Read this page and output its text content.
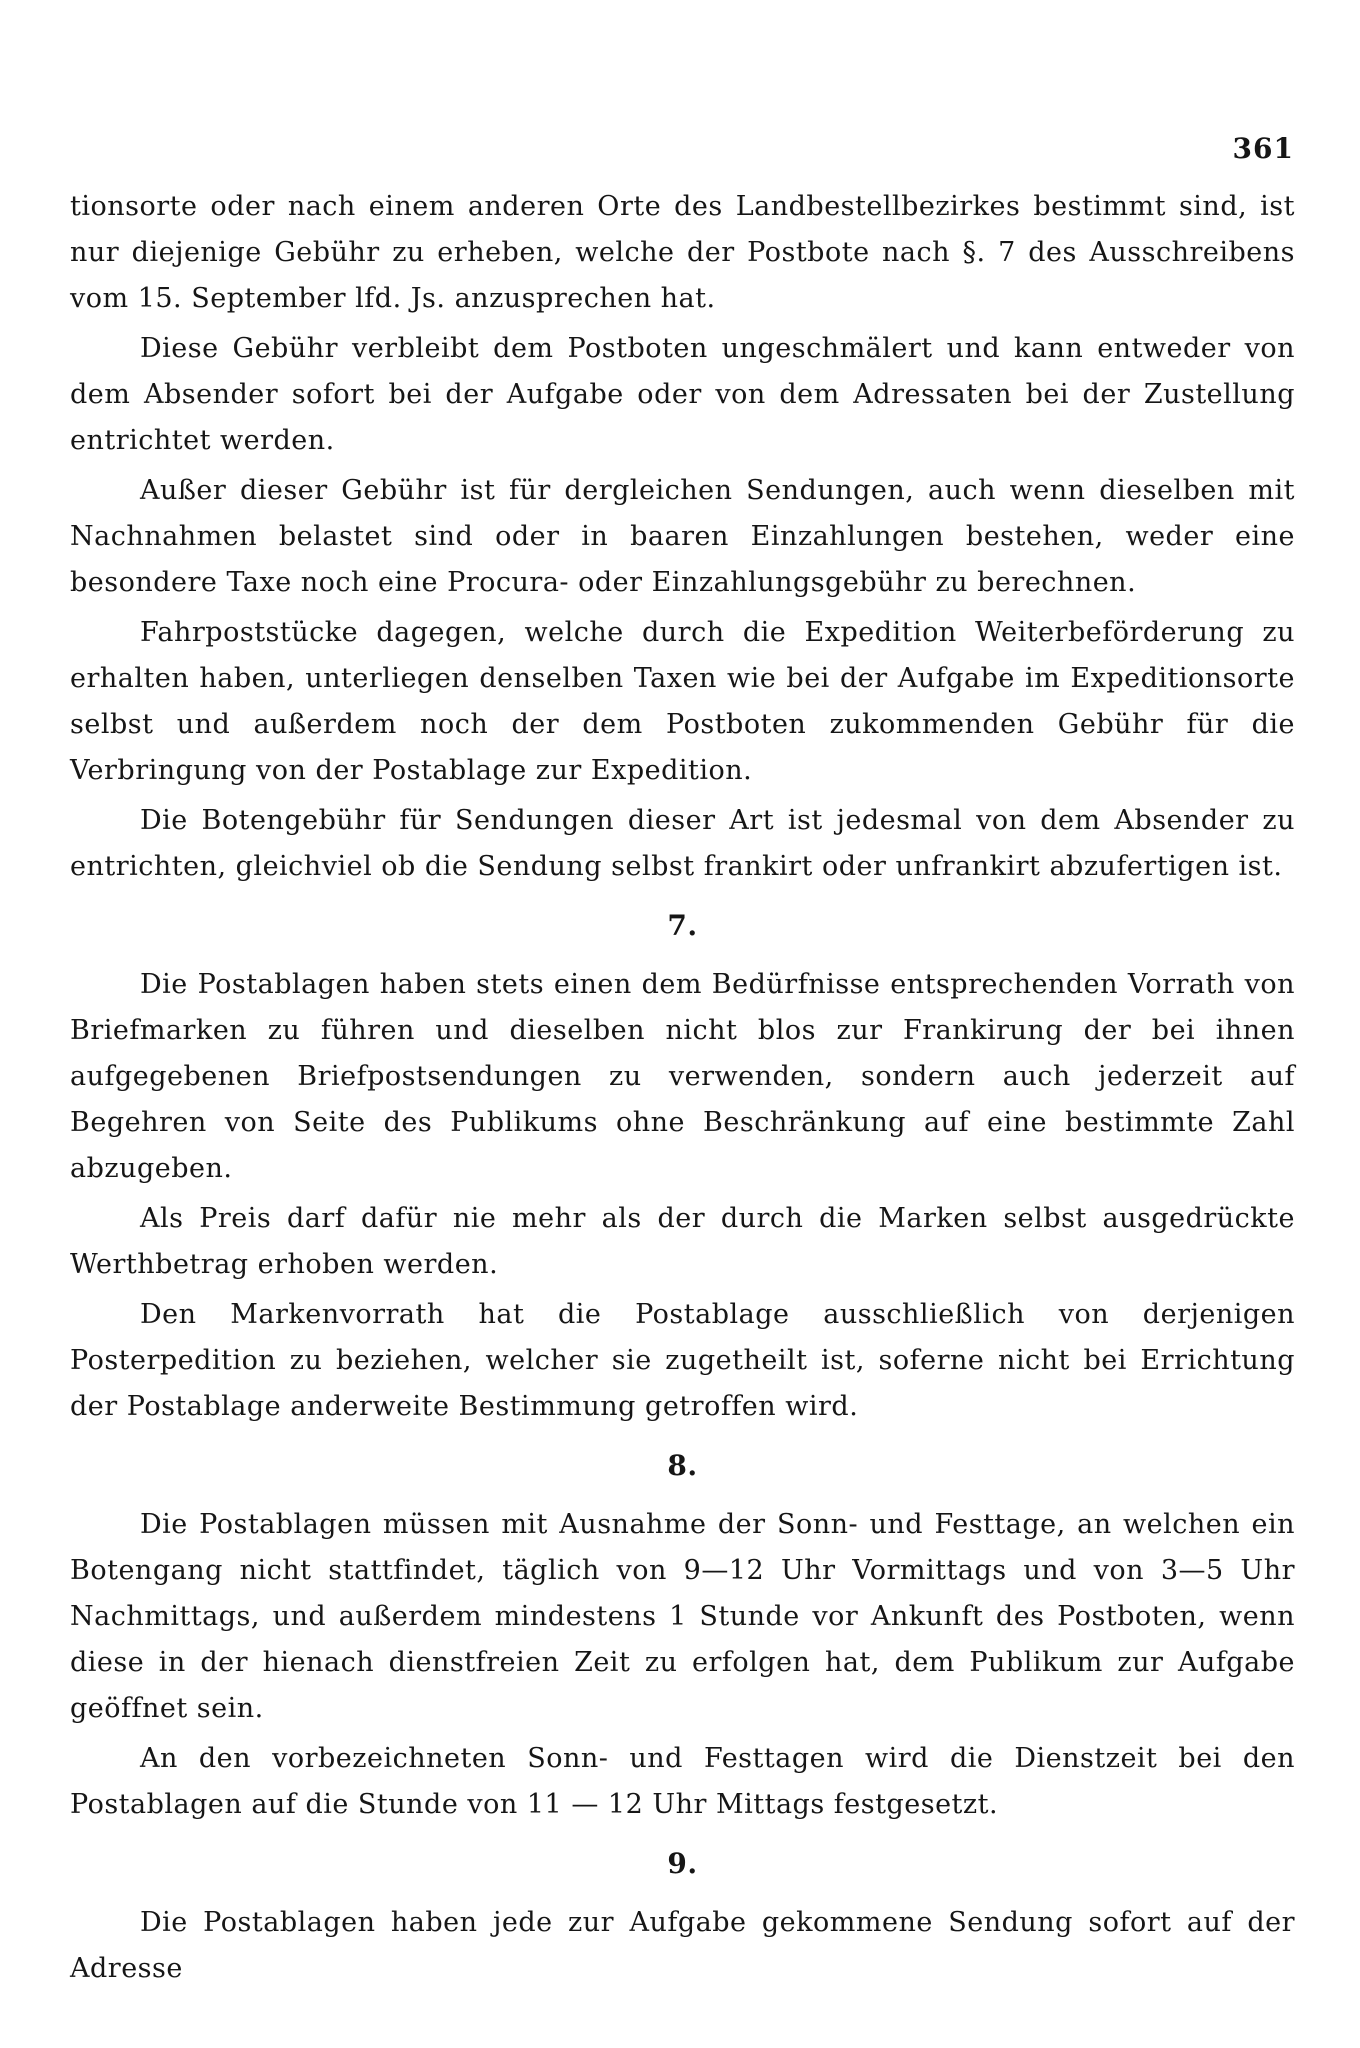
361

tionsorte oder nach einem anderen Orte des Landbestellbezirkes bestimmt sind, ist nur diejenige Gebühr zu erheben, welche der Postbote nach §. 7 des Ausschreibens vom 15. September lfd. Js. anzusprechen hat.

Diese Gebühr verbleibt dem Postboten ungeschmälert und kann entweder von dem Absender sofort bei der Aufgabe oder von dem Adressaten bei der Zustellung entrichtet werden.

Außer dieser Gebühr ist für dergleichen Sendungen, auch wenn dieselben mit Nachnahmen belastet sind oder in baaren Einzahlungen bestehen, weder eine besondere Taxe noch eine Procura- oder Einzahlungsgebühr zu berechnen.

Fahrpoststücke dagegen, welche durch die Expedition Weiterbeförderung zu erhalten haben, unterliegen denselben Taxen wie bei der Aufgabe im Expeditionsorte selbst und außerdem noch der dem Postboten zukommenden Gebühr für die Verbringung von der Postablage zur Expedition.

Die Botengebühr für Sendungen dieser Art ist jedesmal von dem Absender zu entrichten, gleichviel ob die Sendung selbst frankirt oder unfrankirt abzufertigen ist.

7.

Die Postablagen haben stets einen dem Bedürfnisse entsprechenden Vorrath von Briefmarken zu führen und dieselben nicht blos zur Frankirung der bei ihnen aufgegebenen Briefpostsendungen zu verwenden, sondern auch jederzeit auf Begehren von Seite des Publikums ohne Beschränkung auf eine bestimmte Zahl abzugeben.

Als Preis darf dafür nie mehr als der durch die Marken selbst ausgedrückte Werthbetrag erhoben werden.

Den Markenvorrath hat die Postablage ausschließlich von derjenigen Posterpedition zu beziehen, welcher sie zugetheilt ist, soferne nicht bei Errichtung der Postablage anderweite Bestimmung getroffen wird.

8.

Die Postablagen müssen mit Ausnahme der Sonn- und Festtage, an welchen ein Botengang nicht stattfindet, täglich von 9—12 Uhr Vormittags und von 3—5 Uhr Nachmittags, und außerdem mindestens 1 Stunde vor Ankunft des Postboten, wenn diese in der hienach dienstfreien Zeit zu erfolgen hat, dem Publikum zur Aufgabe geöffnet sein.

An den vorbezeichneten Sonn- und Festtagen wird die Dienstzeit bei den Postablagen auf die Stunde von 11 — 12 Uhr Mittags festgesetzt.

9.

Die Postablagen haben jede zur Aufgabe gekommene Sendung sofort auf der Adresse
